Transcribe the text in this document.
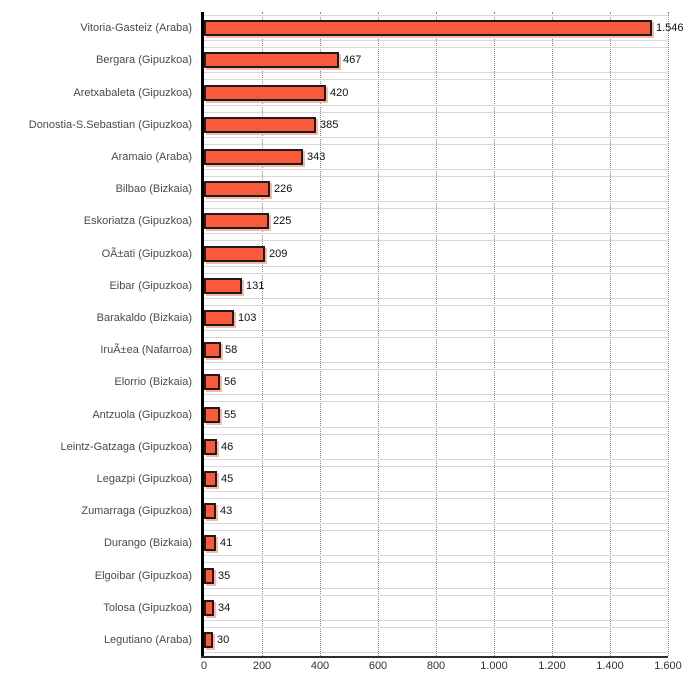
Vitoria-Gasteiz (Araba)
Bergara (Gipuzkoa)
Aretxabaleta (Gipuzkoa)
Donostia-S.Sebastian (Gipuzkoa)
Aramaio (Araba)
Bilbao (Bizkaia)
Eskoriatza (Gipuzkoa)
OÃ±ati (Gipuzkoa)
Eibar (Gipuzkoa)
Barakaldo (Bizkaia)
IruÃ±ea (Nafarroa)
Elorrio (Bizkaia)
Antzuola (Gipuzkoa)
Leintz-Gatzaga (Gipuzkoa)
Legazpi (Gipuzkoa)
Zumarraga (Gipuzkoa)
Durango (Bizkaia)
Elgoibar (Gipuzkoa)
Tolosa (Gipuzkoa)
Legutiano (Araba)
1.546
467
420
385
343
226
225
209
131
103
58
56
55
46
45
43
41
35
34
30
0	200	400	600	800	1.000	1.200	1.400	1.600
